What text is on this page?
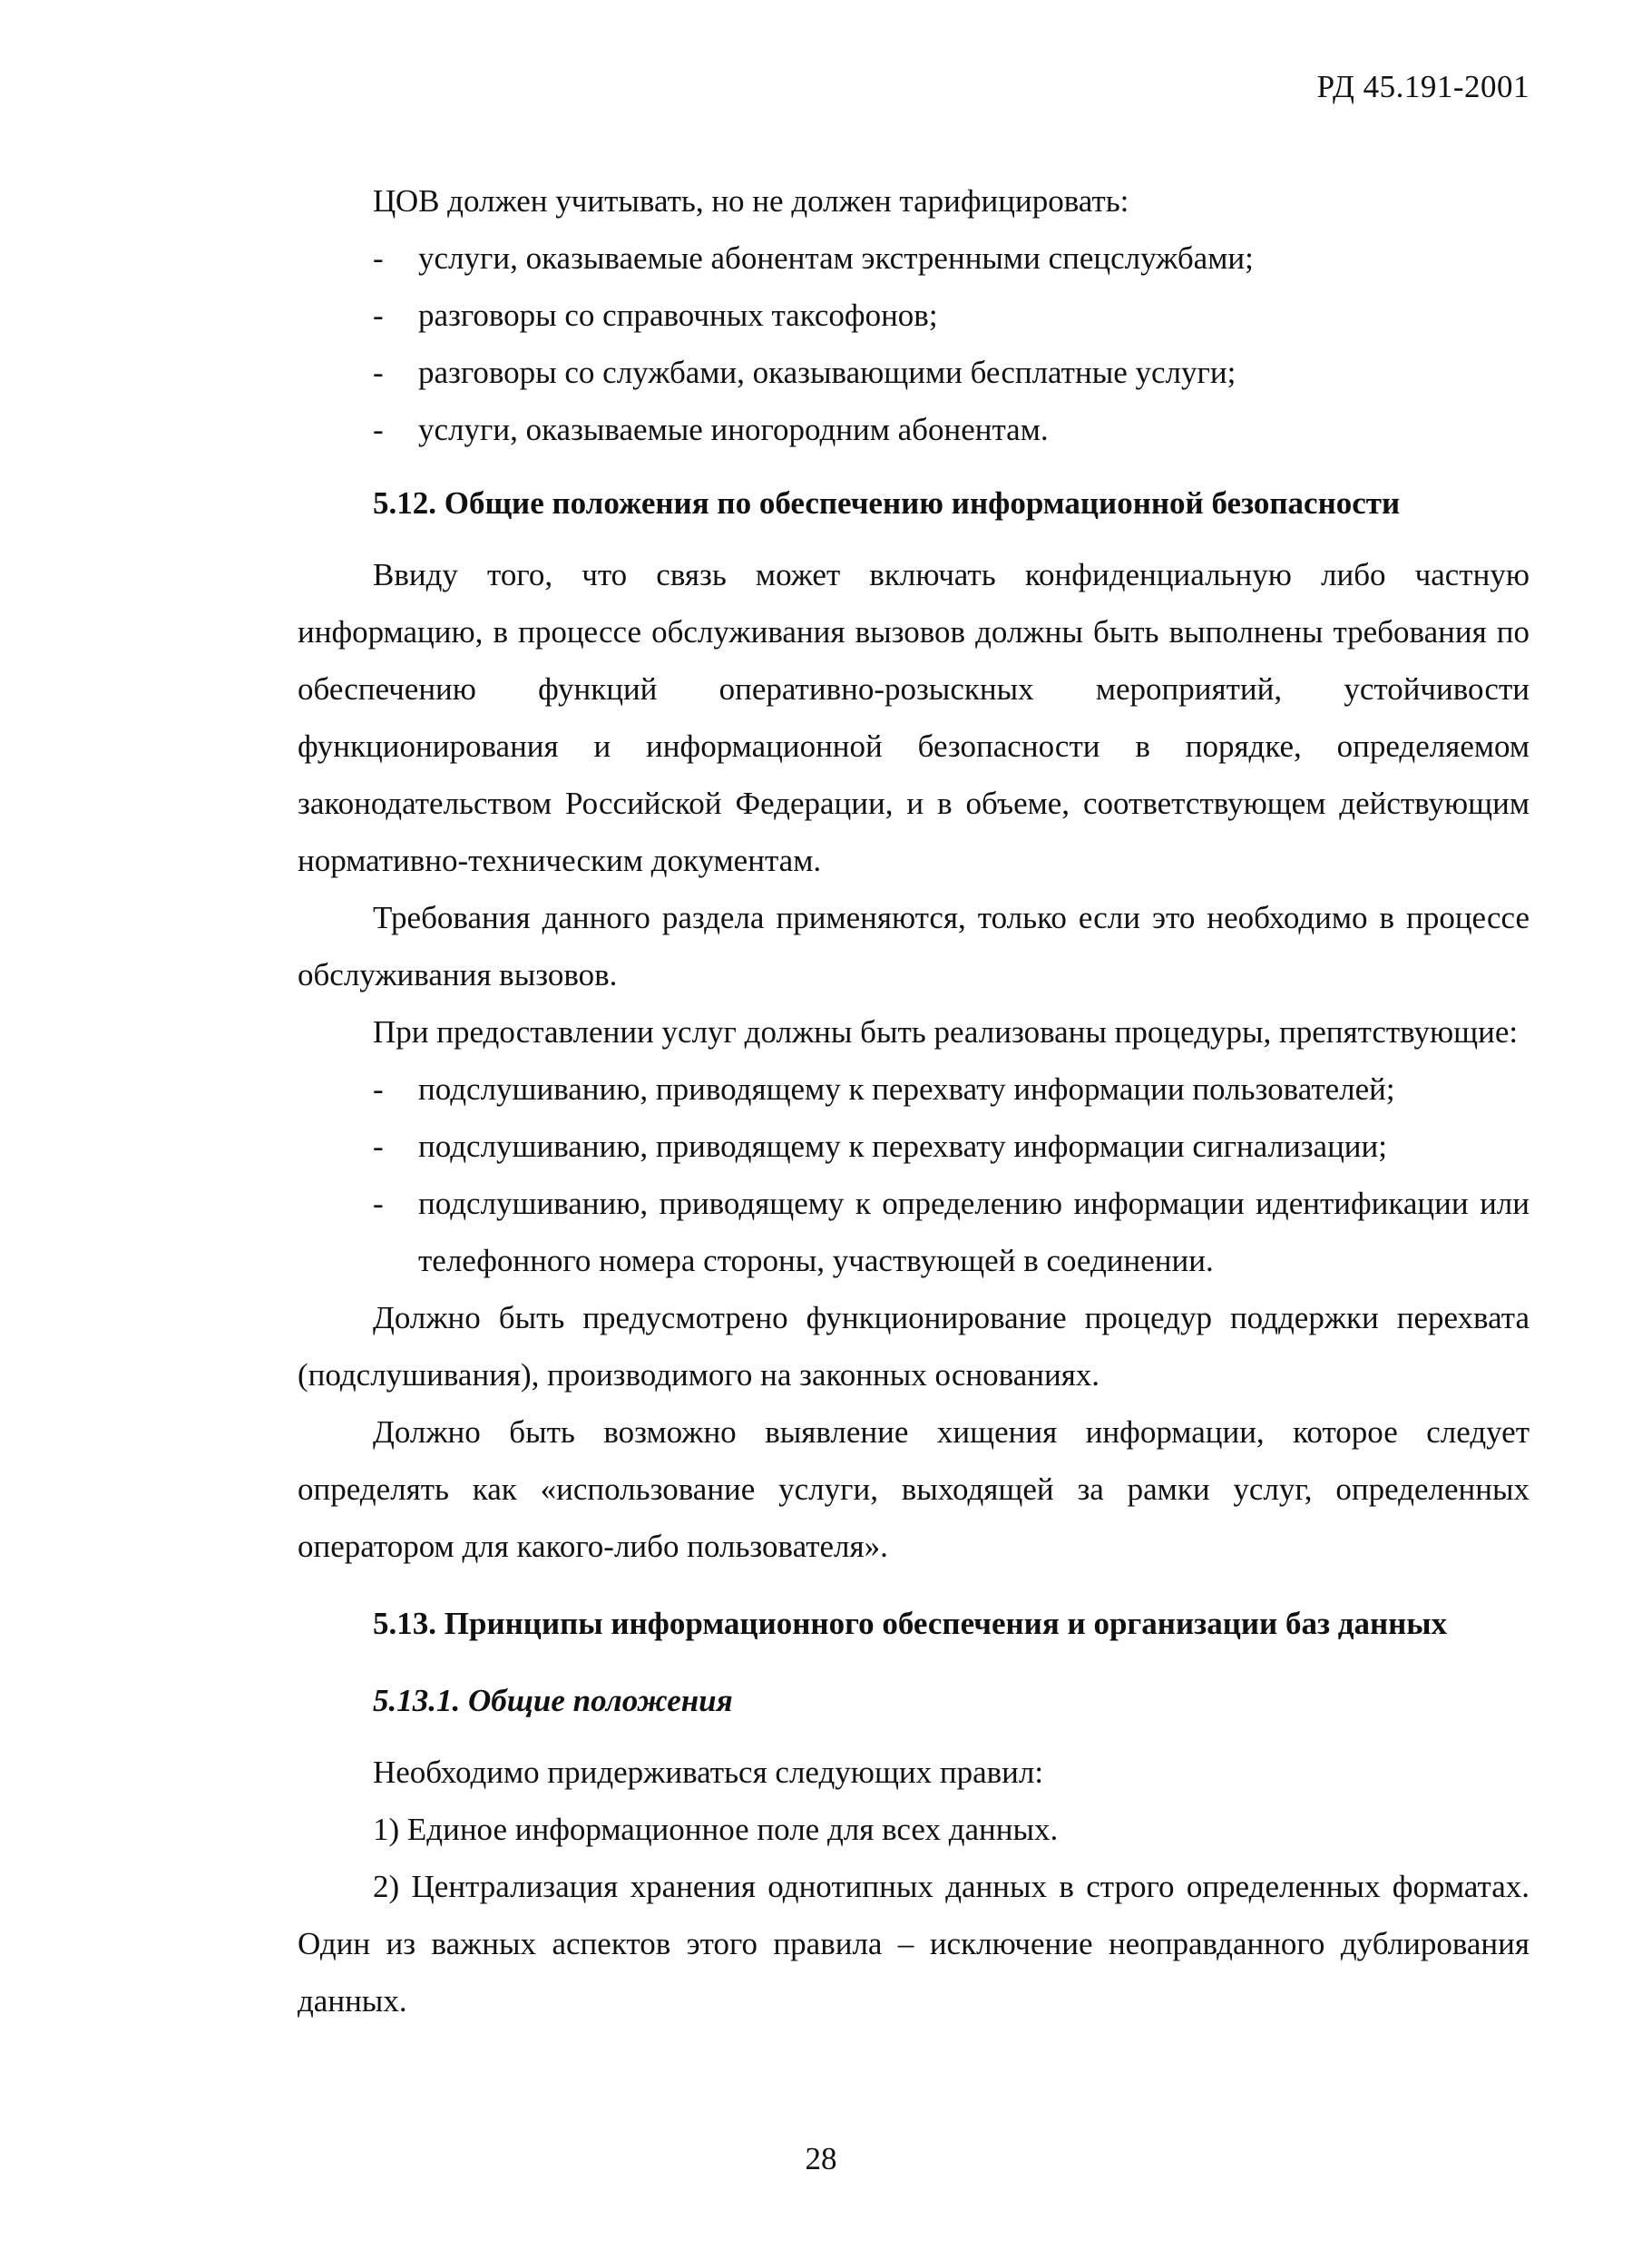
РД 45.191-2001

ЦОВ должен учитывать, но не должен тарифицировать:

- услуги, оказываемые абонентам экстренными спецслужбами;
- разговоры со справочных таксофонов;
- разговоры со службами, оказывающими бесплатные услуги;
- услуги, оказываемые иногородним абонентам.

5.12. Общие положения по обеспечению информационной безопасности

Ввиду того, что связь может включать конфиденциальную либо частную информацию, в процессе обслуживания вызовов должны быть выполнены требования по обеспечению функций оперативно-розыскных мероприятий, устойчивости функционирования и информационной безопасности в порядке, определяемом законодательством Российской Федерации, и в объеме, соответствующем действующим нормативно-техническим документам.

Требования данного раздела применяются, только если это необходимо в процессе обслуживания вызовов.

При предоставлении услуг должны быть реализованы процедуры, препятствующие:

- подслушиванию, приводящему к перехвату информации пользователей;
- подслушиванию, приводящему к перехвату информации сигнализации;
- подслушиванию, приводящему к определению информации идентификации или телефонного номера стороны, участвующей в соединении.

Должно быть предусмотрено функционирование процедур поддержки перехвата (подслушивания), производимого на законных основаниях.

Должно быть возможно выявление хищения информации, которое следует определять как «использование услуги, выходящей за рамки услуг, определенных оператором для какого-либо пользователя».

5.13. Принципы информационного обеспечения и организации баз данных

5.13.1. Общие положения

Необходимо придерживаться следующих правил:

1) Единое информационное поле для всех данных.

2) Централизация хранения однотипных данных в строго определенных форматах. Один из важных аспектов этого правила – исключение неоправданного дублирования данных.

28
